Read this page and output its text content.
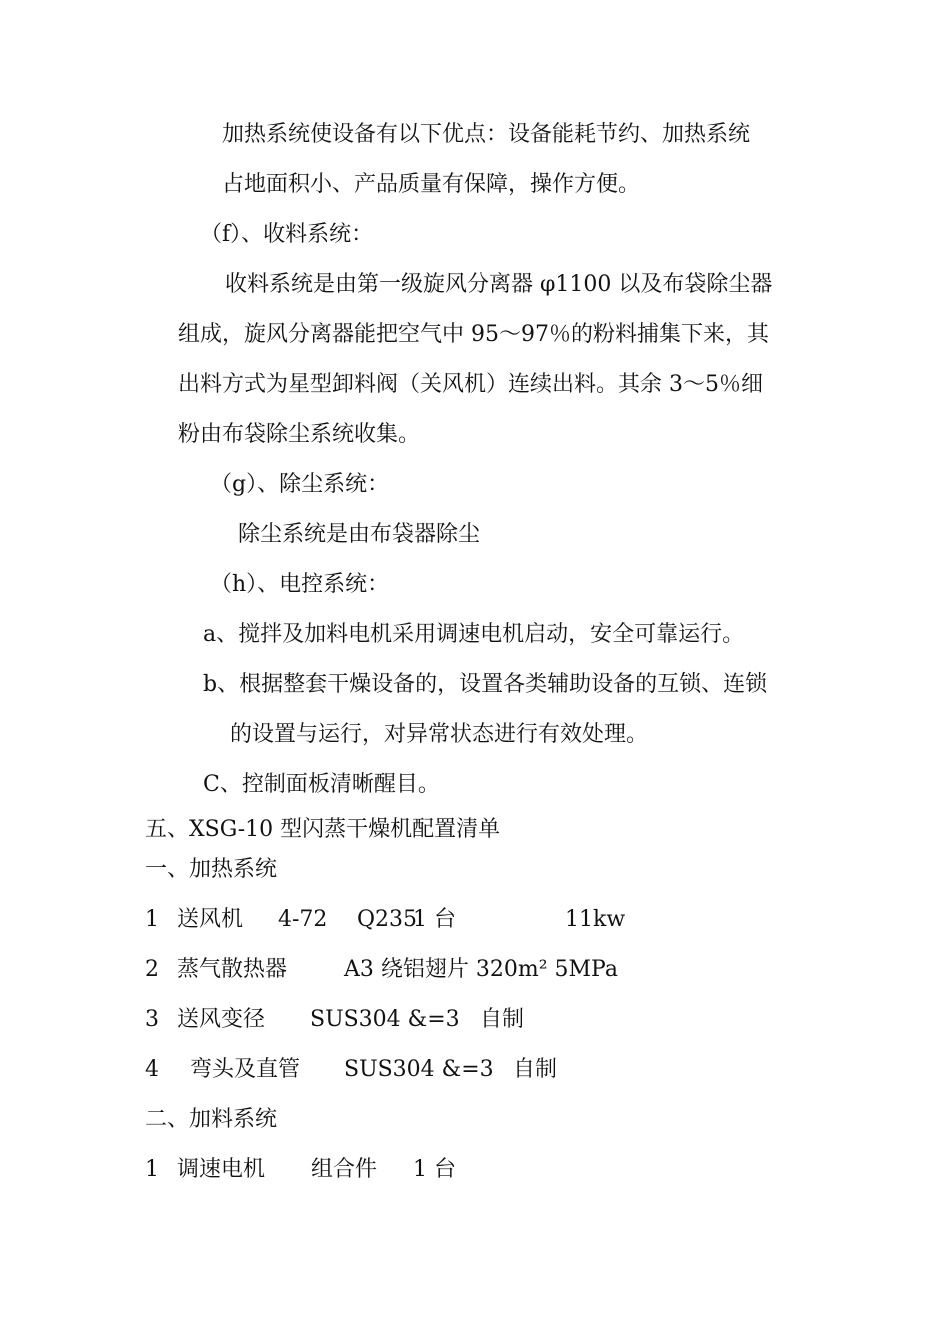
加热系统使设备有以下优点：设备能耗节约、加热系统

占地面积小、产品质量有保障，操作方便。

（f）、收料系统：

收料系统是由第一级旋风分离器 φ1100 以及布袋除尘器

组成，旋风分离器能把空气中 95～97％的粉料捕集下来，其

出料方式为星型卸料阀（关风机）连续出料。其余 3～5％细

粉由布袋除尘系统收集。

（g）、除尘系统：

除尘系统是由布袋器除尘

（h）、电控系统：

a、搅拌及加料电机采用调速电机启动，安全可靠运行。

b、根据整套干燥设备的，设置各类辅助设备的互锁、连锁

的设置与运行，对异常状态进行有效处理。

C、控制面板清晰醒目。

五、XSG-10 型闪蒸干燥机配置清单

一、加热系统

1

送风机

4-72

Q235

1 台

	11kw

2

蒸气散热器

	A3 绕铝翅片 320m² 5MPa

3

送风变径

SUS304 &=3

自制

4

弯头及直管

SUS304 &=3

自制

二、加料系统

1

调速电机

组合件

1 台
